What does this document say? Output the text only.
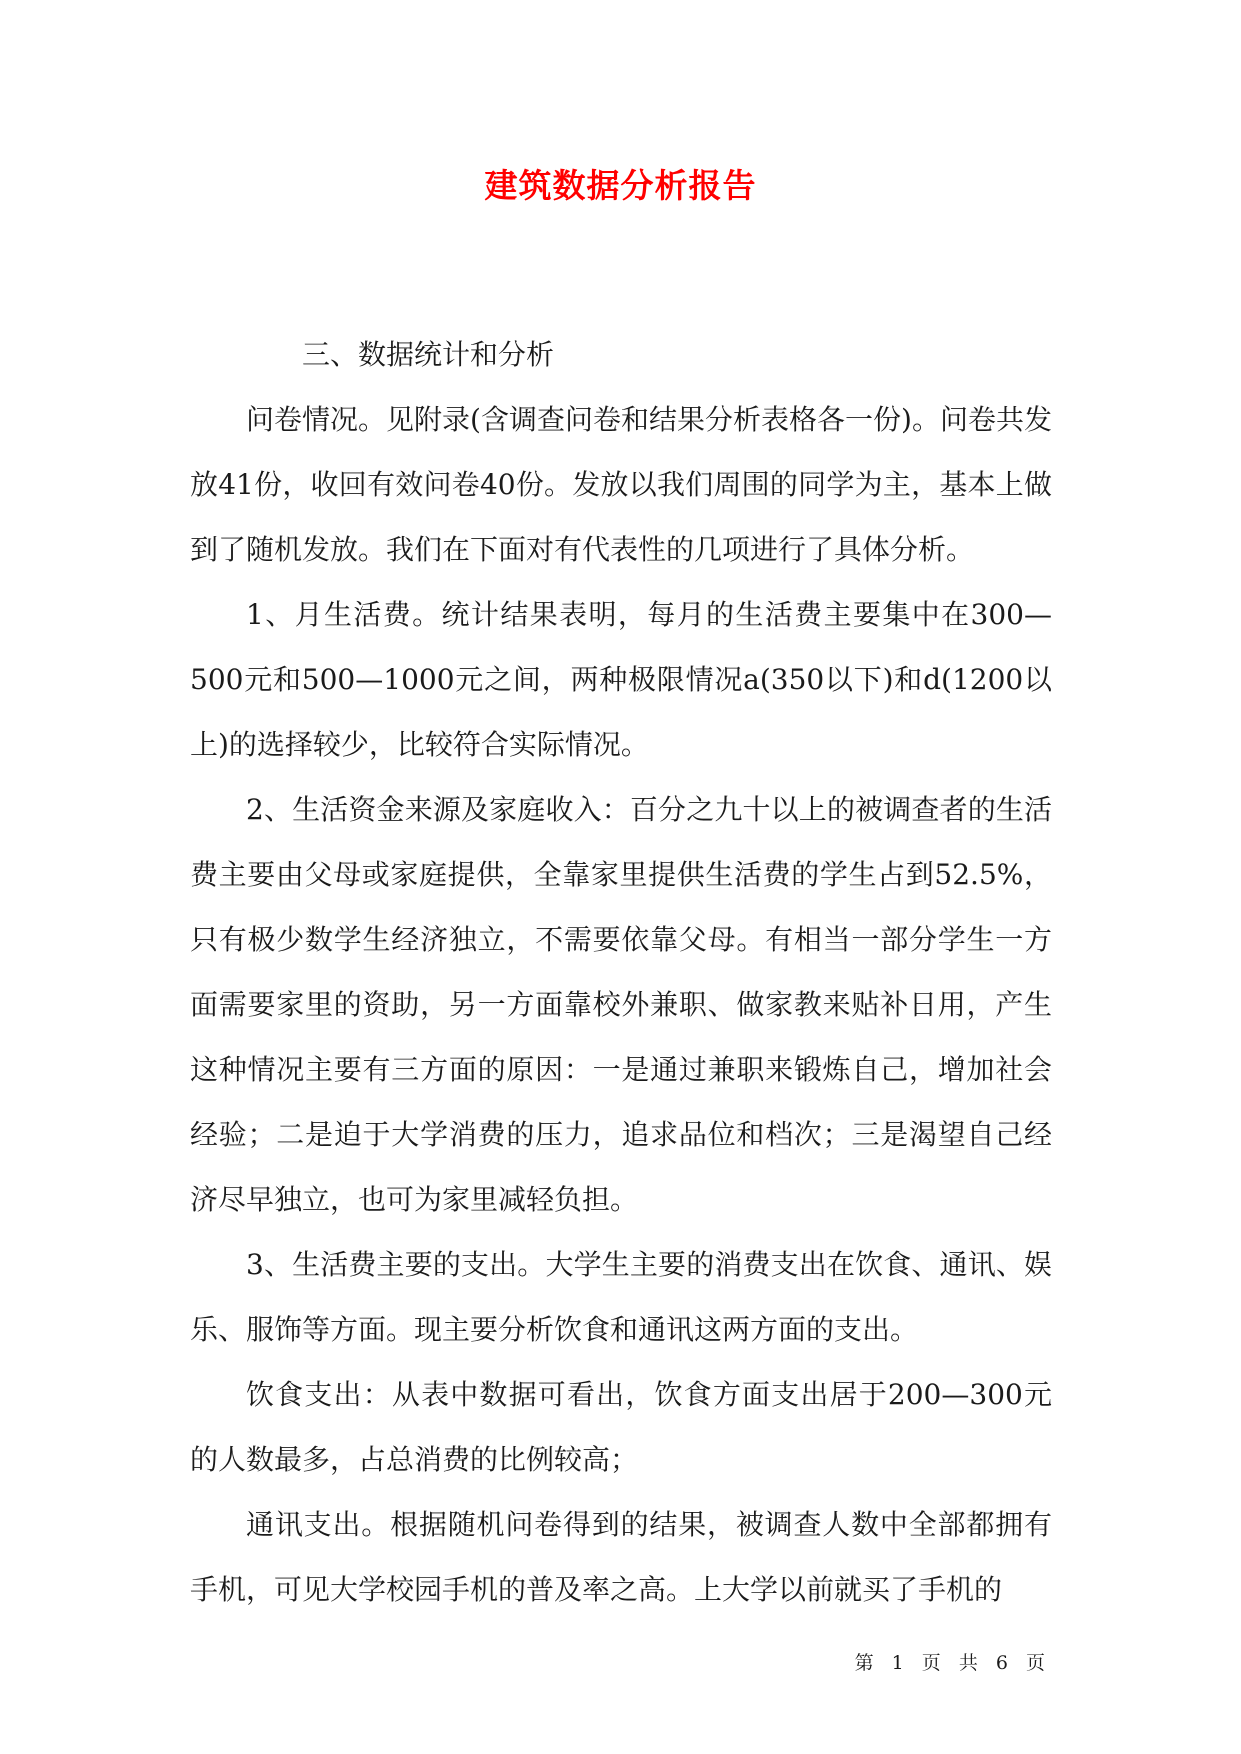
建筑数据分析报告

三、数据统计和分析

问卷情况。见附录(含调查问卷和结果分析表格各一份)。问卷共发放41份，收回有效问卷40份。发放以我们周围的同学为主，基本上做到了随机发放。我们在下面对有代表性的几项进行了具体分析。

1、月生活费。统计结果表明，每月的生活费主要集中在300—500元和500—1000元之间，两种极限情况a(350以下)和d(1200以上)的选择较少，比较符合实际情况。

2、生活资金来源及家庭收入：百分之九十以上的被调查者的生活费主要由父母或家庭提供，全靠家里提供生活费的学生占到52.5%，只有极少数学生经济独立，不需要依靠父母。有相当一部分学生一方面需要家里的资助，另一方面靠校外兼职、做家教来贴补日用，产生这种情况主要有三方面的原因：一是通过兼职来锻炼自己，增加社会经验；二是迫于大学消费的压力，追求品位和档次；三是渴望自己经济尽早独立，也可为家里减轻负担。

3、生活费主要的支出。大学生主要的消费支出在饮食、通讯、娱乐、服饰等方面。现主要分析饮食和通讯这两方面的支出。

饮食支出：从表中数据可看出，饮食方面支出居于200—300元的人数最多，占总消费的比例较高；

通讯支出。根据随机问卷得到的结果，被调查人数中全部都拥有手机，可见大学校园手机的普及率之高。上大学以前就买了手机的

第 1 页 共 6 页
